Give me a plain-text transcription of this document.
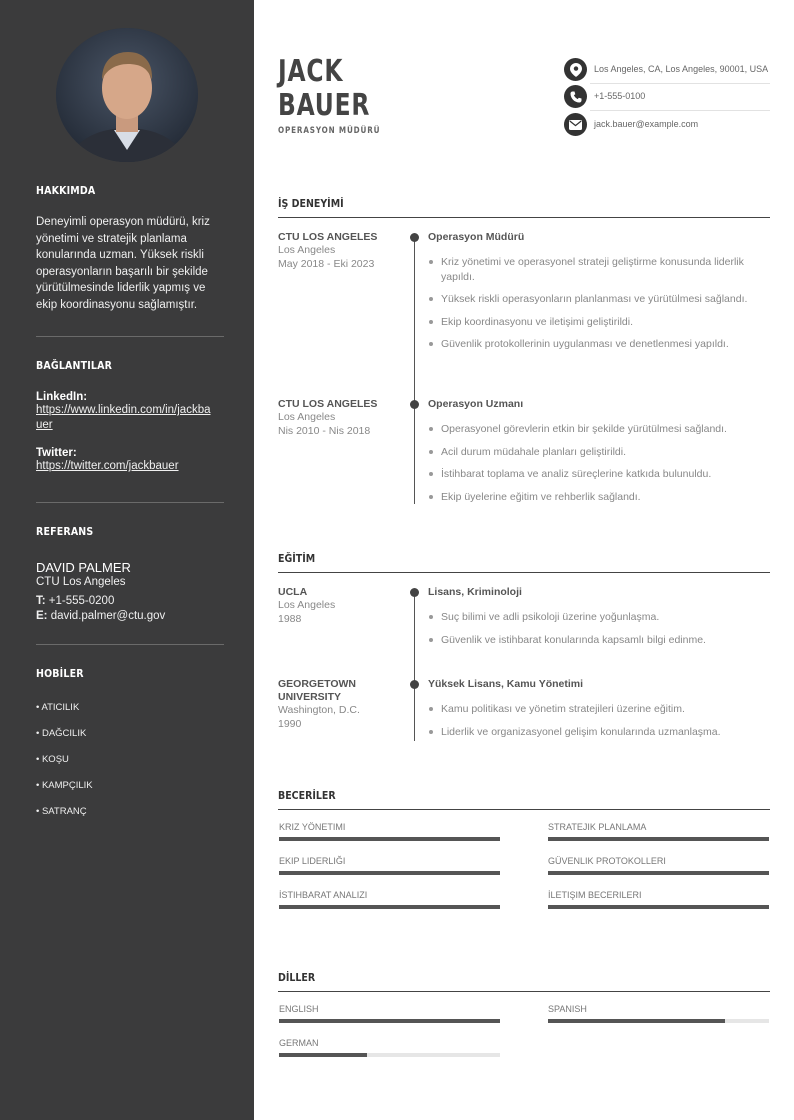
HAKKIMDA
Deneyimli operasyon müdürü, kriz yönetimi ve stratejik planlama konularında uzman. Yüksek riskli operasyonların başarılı bir şekilde yürütülmesinde liderlik yapmış ve ekip koordinasyonu sağlamıştır.
BAĞLANTILAR
LinkedIn:
https://www.linkedin.com/in/jackbauer
Twitter:
https://twitter.com/jackbauer
REFERANS
DAVID PALMER
CTU Los Angeles
T: +1-555-0200
E: david.palmer@ctu.gov
HOBİLER
• ATICILIK
• DAĞCILIK
• KOŞU
• KAMPÇILIK
• SATRANÇ
JACK
BAUER
OPERASYON MÜDÜRÜ
Los Angeles, CA, Los Angeles, 90001, USA
+1-555-0100
jack.bauer@example.com
İŞ DENEYİMİ
CTU LOS ANGELES
Los Angeles
May 2018 - Eki 2023
Operasyon Müdürü
Kriz yönetimi ve operasyonel strateji geliştirme konusunda liderlik yapıldı.
Yüksek riskli operasyonların planlanması ve yürütülmesi sağlandı.
Ekip koordinasyonu ve iletişimi geliştirildi.
Güvenlik protokollerinin uygulanması ve denetlenmesi yapıldı.
CTU LOS ANGELES
Los Angeles
Nis 2010 - Nis 2018
Operasyon Uzmanı
Operasyonel görevlerin etkin bir şekilde yürütülmesi sağlandı.
Acil durum müdahale planları geliştirildi.
İstihbarat toplama ve analiz süreçlerine katkıda bulunuldu.
Ekip üyelerine eğitim ve rehberlik sağlandı.
EĞİTİM
UCLA
Los Angeles
1988
Lisans, Kriminoloji
Suç bilimi ve adli psikoloji üzerine yoğunlaşma.
Güvenlik ve istihbarat konularında kapsamlı bilgi edinme.
GEORGETOWN UNIVERSITY
Washington, D.C.
1990
Yüksek Lisans, Kamu Yönetimi
Kamu politikası ve yönetim stratejileri üzerine eğitim.
Liderlik ve organizasyonel gelişim konularında uzmanlaşma.
BECERİLER
KRIZ YÖNETIMI	STRATEJIK PLANLAMA
EKIP LIDERLIĞI	GÜVENLIK PROTOKOLLERI
İSTIHBARAT ANALIZI	İLETIŞIM BECERILERI
DİLLER
ENGLISH	SPANISH
GERMAN
